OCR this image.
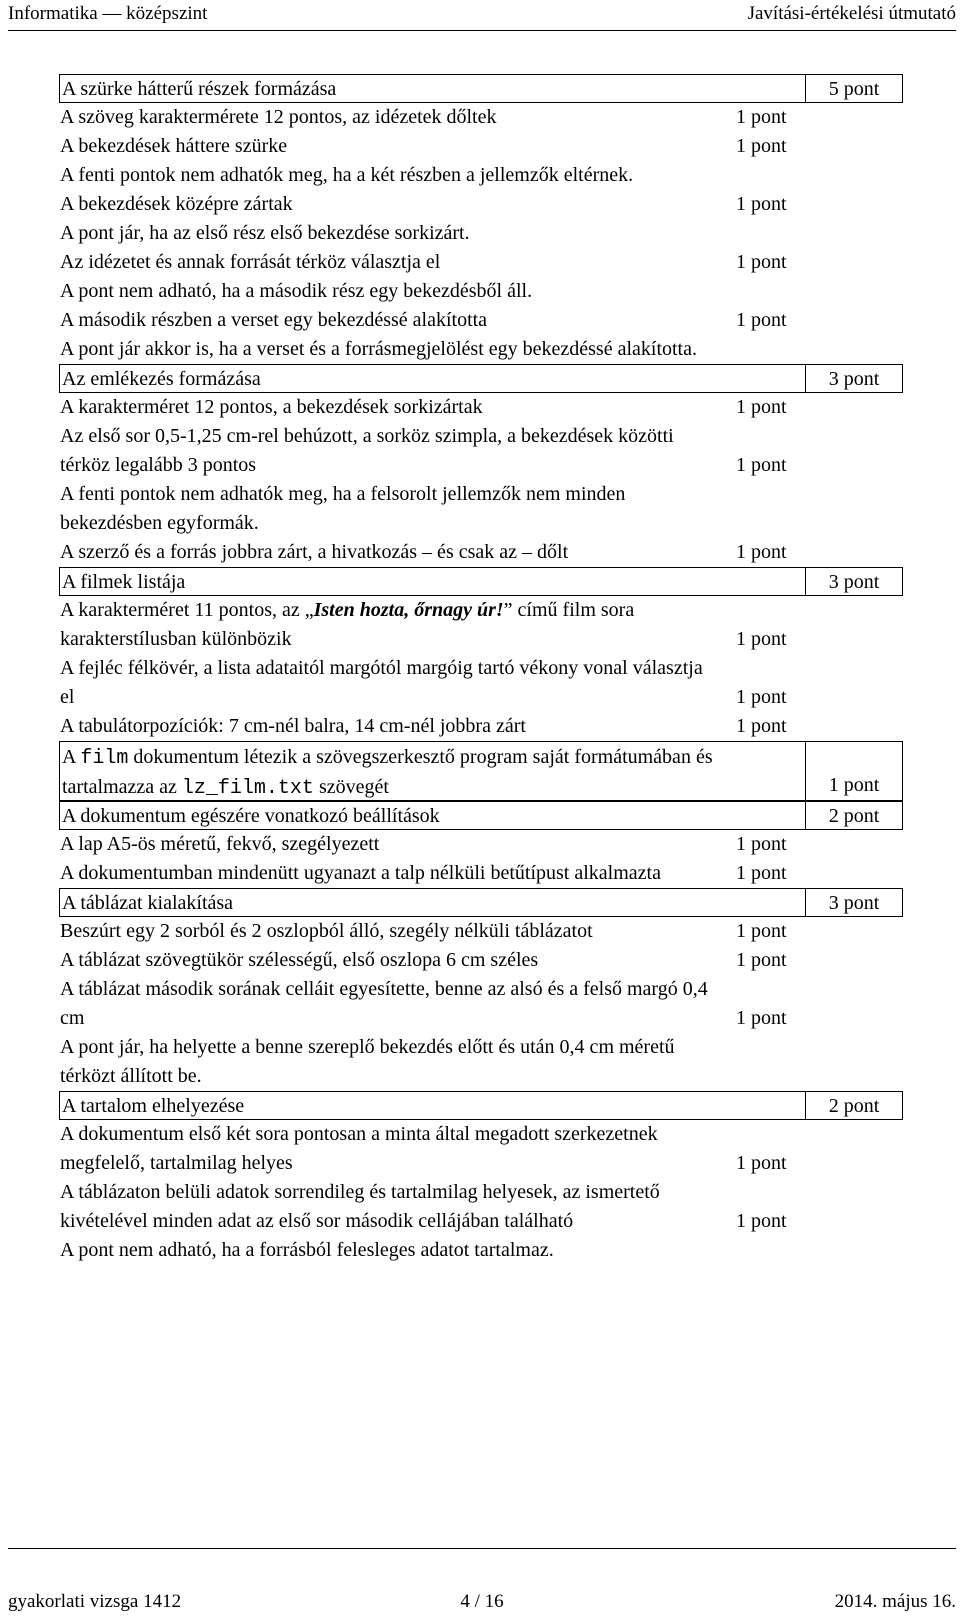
Informatika — középszint	Javítási-értékelési útmutató
A szürke hátterű részek formázása	5 pont
A szöveg karaktermérete 12 pontos, az idézetek dőltek	1 pont
A bekezdések háttere szürke	1 pont
A fenti pontok nem adhatók meg, ha a két részben a jellemzők eltérnek.
A bekezdések középre zártak	1 pont
A pont jár, ha az első rész első bekezdése sorkizárt.
Az idézetet és annak forrását térköz választja el	1 pont
A pont nem adható, ha a második rész egy bekezdésből áll.
A második részben a verset egy bekezdéssé alakította	1 pont
A pont jár akkor is, ha a verset és a forrásmegjelölést egy bekezdéssé alakította.
Az emlékezés formázása	3 pont
A karakterméret 12 pontos, a bekezdések sorkizártak	1 pont
Az első sor 0,5-1,25 cm-rel behúzott, a sorköz szimpla, a bekezdések közötti térköz legalább 3 pontos	1 pont
A fenti pontok nem adhatók meg, ha a felsorolt jellemzők nem minden bekezdésben egyformák.
A szerző és a forrás jobbra zárt, a hivatkozás – és csak az – dőlt	1 pont
A filmek listája	3 pont
A karakterméret 11 pontos, az „Isten hozta, őrnagy úr!” című film sora karakterstílusban különbözik	1 pont
A fejléc félkövér, a lista adataitól margótól margóig tartó vékony vonal választja el	1 pont
A tabulátorpozíciók: 7 cm-nél balra, 14 cm-nél jobbra zárt	1 pont
A film dokumentum létezik a szövegszerkesztő program saját formátumában és tartalmazza az lz_film.txt szövegét	1 pont
A dokumentum egészére vonatkozó beállítások	2 pont
A lap A5-ös méretű, fekvő, szegélyezett	1 pont
A dokumentumban mindenütt ugyanazt a talp nélküli betűtípust alkalmazta	1 pont
A táblázat kialakítása	3 pont
Beszúrt egy 2 sorból és 2 oszlopból álló, szegély nélküli táblázatot	1 pont
A táblázat szövegtükör szélességű, első oszlopa 6 cm széles	1 pont
A táblázat második sorának celláit egyesítette, benne az alsó és a felső margó 0,4 cm	1 pont
A pont jár, ha helyette a benne szereplő bekezdés előtt és után 0,4 cm méretű térközt állított be.
A tartalom elhelyezése	2 pont
A dokumentum első két sora pontosan a minta által megadott szerkezetnek megfelelő, tartalmilag helyes	1 pont
A táblázaton belüli adatok sorrendileg és tartalmilag helyesek, az ismertető kivételével minden adat az első sor második cellájában található	1 pont
A pont nem adható, ha a forrásból felesleges adatot tartalmaz.
gyakorlati vizsga 1412	4 / 16	2014. május 16.
